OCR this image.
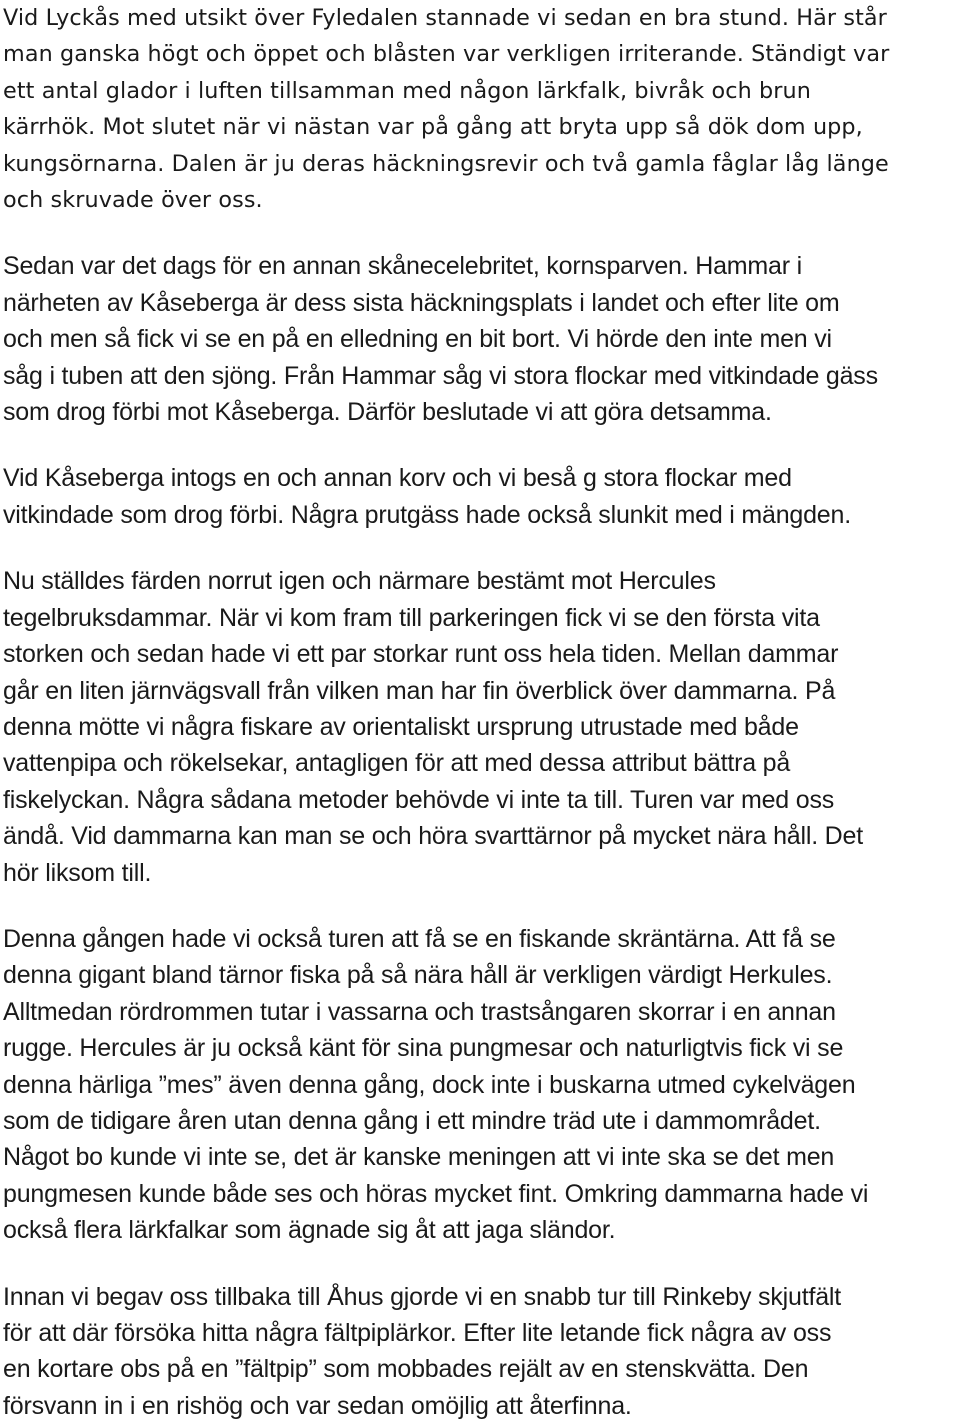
Vid Lyckås med utsikt över Fyledalen stannade vi sedan en bra stund. Här står
man ganska högt och öppet och blåsten var verkligen irriterande. Ständigt var
ett antal glador i luften tillsamman med någon lärkfalk, bivråk och brun
kärrhök. Mot slutet när vi nästan var på gång att bryta upp så dök dom upp,
kungsörnarna. Dalen är ju deras häckningsrevir och två gamla fåglar låg länge
och skruvade över oss.

Sedan var det dags för en annan skånecelebritet, kornsparven. Hammar i
närheten av Kåseberga är dess sista häckningsplats i landet och efter lite om
och men så fick vi se en på en elledning en bit bort. Vi hörde den inte men vi
såg i tuben att den sjöng. Från Hammar såg vi stora flockar med vitkindade gäss
som drog förbi mot Kåseberga. Därför beslutade vi att göra detsamma.

Vid Kåseberga intogs en och annan korv och vi beså g stora flockar med
vitkindade som drog förbi. Några prutgäss hade också slunkit med i mängden.

Nu ställdes färden norrut igen och närmare bestämt mot Hercules
tegelbruksdammar. När vi kom fram till parkeringen fick vi se den första vita
storken och sedan hade vi ett par storkar runt oss hela tiden. Mellan dammar
går en liten järnvägsvall från vilken man har fin överblick över dammarna. På
denna mötte vi några fiskare av orientaliskt ursprung utrustade med både
vattenpipa och rökelsekar, antagligen för att med dessa attribut bättra på
fiskelyckan. Några sådana metoder behövde vi inte ta till. Turen var med oss
ändå. Vid dammarna kan man se och höra svarttärnor på mycket nära håll. Det
hör liksom till.

Denna gången hade vi också turen att få se en fiskande skräntärna. Att få se
denna gigant bland tärnor fiska på så nära håll är verkligen värdigt Herkules.
Alltmedan rördrommen tutar i vassarna och trastsångaren skorrar i en annan
rugge. Hercules är ju också känt för sina pungmesar och naturligtvis fick vi se
denna härliga ”mes” även denna gång, dock inte i buskarna utmed cykelvägen
som de tidigare åren utan denna gång i ett mindre träd ute i dammområdet.
Något bo kunde vi inte se, det är kanske meningen att vi inte ska se det men
pungmesen kunde både ses och höras mycket fint. Omkring dammarna hade vi
också flera lärkfalkar som ägnade sig åt att jaga sländor.

Innan vi begav oss tillbaka till Åhus gjorde vi en snabb tur till Rinkeby skjutfält
för att där försöka hitta några fältpiplärkor. Efter lite letande fick några av oss
en kortare obs på en ”fältpip” som mobbades rejält av en stenskvätta. Den
försvann in i en rishög och var sedan omöjlig att återfinna.
